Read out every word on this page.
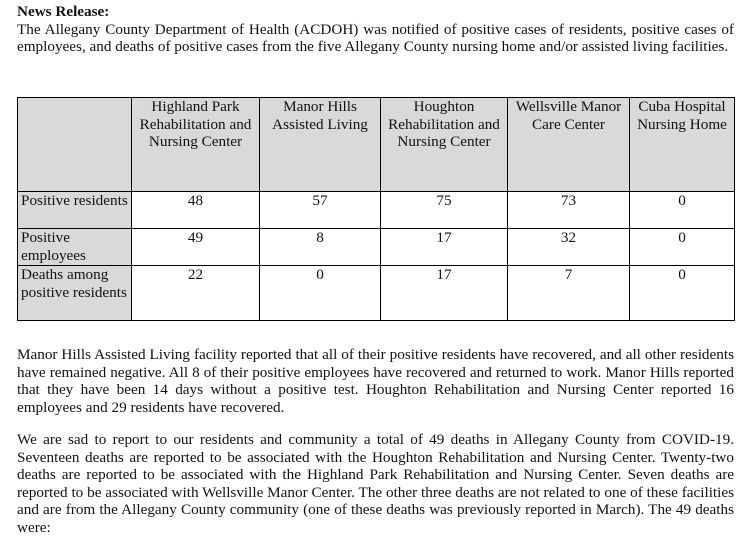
News Release:

The Allegany County Department of Health (ACDOH) was notified of positive cases of residents, positive cases of employees, and deaths of positive cases from the five Allegany County nursing home and/or assisted living facilities.

	Highland Park Rehabilitation and Nursing Center	Manor Hills Assisted Living	Houghton Rehabilitation and Nursing Center	Wellsville Manor Care Center	Cuba Hospital Nursing Home
Positive residents	48	57	75	73	0
Positive employees	49	8	17	32	0
Deaths among positive residents	22	0	17	7	0

Manor Hills Assisted Living facility reported that all of their positive residents have recovered, and all other residents have remained negative. All 8 of their positive employees have recovered and returned to work. Manor Hills reported that they have been 14 days without a positive test. Houghton Rehabilitation and Nursing Center reported 16 employees and 29 residents have recovered.

We are sad to report to our residents and community a total of 49 deaths in Allegany County from COVID-19. Seventeen deaths are reported to be associated with the Houghton Rehabilitation and Nursing Center. Twenty-two deaths are reported to be associated with the Highland Park Rehabilitation and Nursing Center. Seven deaths are reported to be associated with Wellsville Manor Center. The other three deaths are not related to one of these facilities and are from the Allegany County community (one of these deaths was previously reported in March). The 49 deaths were:
